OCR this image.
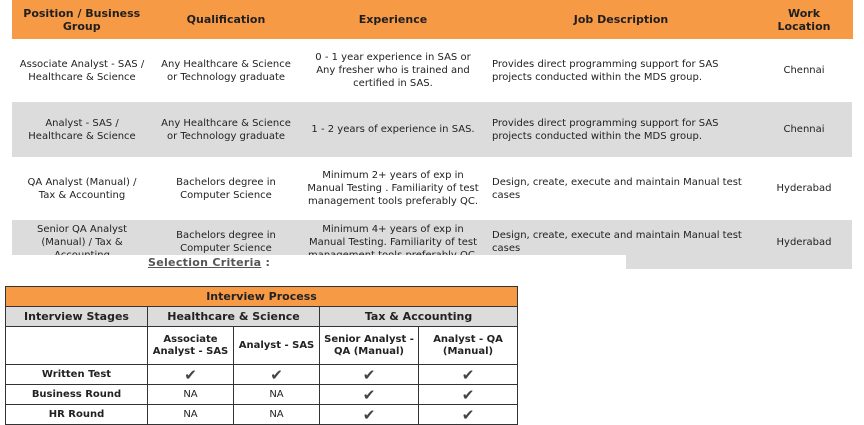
Position / Business Group	Qualification	Experience	Job Description	Work Location

Associate Analyst - SAS / Healthcare & Science	Any Healthcare & Science or Technology graduate	0 - 1 year experience in SAS or Any fresher who is trained and certified in SAS.	Provides direct programming support for SAS projects conducted within the MDS group.	Chennai

Analyst - SAS / Healthcare & Science	Any Healthcare & Science or Technology graduate	1 - 2 years of experience in SAS.	Provides direct programming support for SAS projects conducted within the MDS group.	Chennai

QA Analyst (Manual) / Tax & Accounting	Bachelors degree in Computer Science	Minimum 2+ years of exp in Manual Testing . Familiarity of test management tools preferably QC.	Design, create, execute and maintain Manual test cases	Hyderabad

Senior QA Analyst (Manual) / Tax &	Bachelors degree in Computer Science	Minimum 4+ years of exp in Manual Testing. Familiarity of test	Design, create, execute and maintain Manual test cases	Hyderabad
Selection Criteria :
Interview Process				
Interview Stages	Healthcare & Science		Tax & Accounting	
	Associate Analyst - SAS	Analyst - SAS	Senior Analyst - QA (Manual)	Analyst - QA (Manual)
Written Test	✔	✔	✔	✔
Business Round	NA	NA	✔	✔
HR Round	NA	NA	✔	✔
